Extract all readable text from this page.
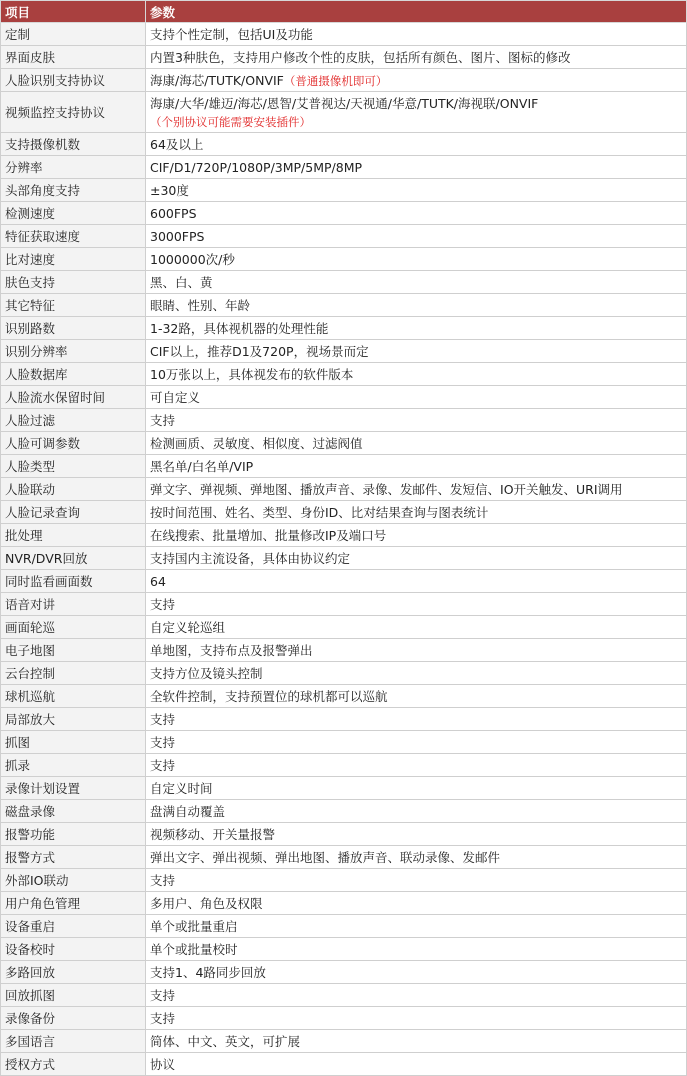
项目	参数
定制	支持个性定制，包括UI及功能
界面皮肤	内置3种肤色，支持用户修改个性的皮肤，包括所有颜色、图片、图标的修改
人脸识别支持协议	海康/海芯/TUTK/ONVIF（普通摄像机即可）
视频监控支持协议	海康/大华/雄迈/海芯/恩智/艾普视达/天视通/华意/TUTK/海视联/ONVIF
（个别协议可能需要安装插件）

支持摄像机数	64及以上
分辨率	CIF/D1/720P/1080P/3MP/5MP/8MP
头部角度支持	±30度
检测速度	600FPS
特征获取速度	3000FPS
比对速度	1000000次/秒
肤色支持	黑、白、黄
其它特征	眼睛、性别、年龄
识别路数	1-32路，具体视机器的处理性能
识别分辨率	CIF以上，推荐D1及720P，视场景而定
人脸数据库	10万张以上，具体视发布的软件版本
人脸流水保留时间	可自定义
人脸过滤	支持
人脸可调参数	检测画质、灵敏度、相似度、过滤阀值
人脸类型	黑名单/白名单/VIP
人脸联动	弹文字、弹视频、弹地图、播放声音、录像、发邮件、发短信、IO开关触发、URI调用
人脸记录查询	按时间范围、姓名、类型、身份ID、比对结果查询与图表统计
批处理	在线搜索、批量增加、批量修改IP及端口号
NVR/DVR回放	支持国内主流设备，具体由协议约定
同时监看画面数	64
语音对讲	支持
画面轮巡	自定义轮巡组
电子地图	单地图，支持布点及报警弹出
云台控制	支持方位及镜头控制
球机巡航	全软件控制，支持预置位的球机都可以巡航
局部放大	支持
抓图	支持
抓录	支持
录像计划设置	自定义时间
磁盘录像	盘满自动覆盖
报警功能	视频移动、开关量报警
报警方式	弹出文字、弹出视频、弹出地图、播放声音、联动录像、发邮件
外部IO联动	支持
用户角色管理	多用户、角色及权限
设备重启	单个或批量重启
设备校时	单个或批量校时
多路回放	支持1、4路同步回放
回放抓图	支持
录像备份	支持
多国语言	简体、中文、英文，可扩展
授权方式	协议
